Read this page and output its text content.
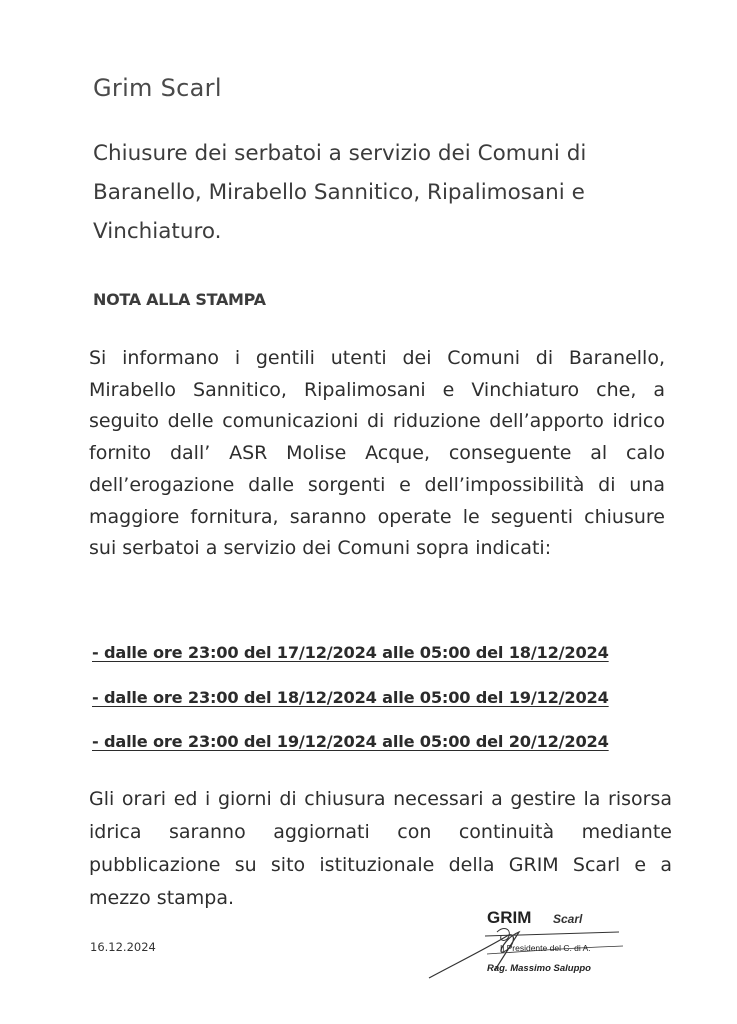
Grim Scarl
Chiusure dei serbatoi a servizio dei Comuni di Baranello, Mirabello Sannitico, Ripalimosani e Vinchiaturo.
NOTA ALLA STAMPA

Si informano i gentili utenti dei Comuni di Baranello, Mirabello Sannitico, Ripalimosani e Vinchiaturo che, a seguito delle comunicazioni di riduzione dell’apporto idrico fornito dall’ ASR Molise Acque, conseguente al calo dell’erogazione dalle sorgenti e dell’impossibilità di una maggiore fornitura, saranno operate le seguenti chiusure sui serbatoi a servizio dei Comuni sopra indicati:

- dalle ore 23:00 del 17/12/2024 alle 05:00 del 18/12/2024
- dalle ore 23:00 del 18/12/2024 alle 05:00 del 19/12/2024
- dalle ore 23:00 del 19/12/2024 alle 05:00 del 20/12/2024

Gli orari ed i giorni di chiusura necessari a gestire la risorsa idrica saranno aggiornati con continuità mediante pubblicazione su sito istituzionale della GRIM Scarl e a mezzo stampa.

16.12.2024
GRIM Scarl
Il Presidente del C. di A.
Rag. Massimo Saluppo
